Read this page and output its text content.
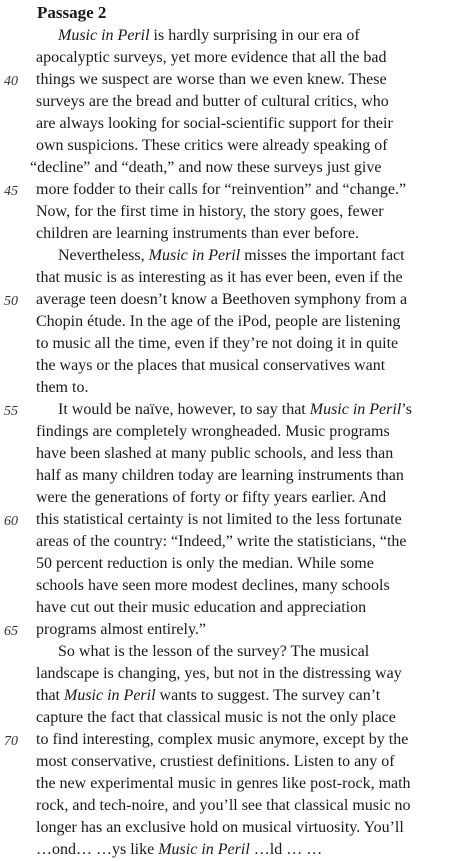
Passage 2
Music in Peril is hardly surprising in our era of
apocalyptic surveys, yet more evidence that all the bad
things we suspect are worse than we even knew. These
surveys are the bread and butter of cultural critics, who
are always looking for social-scientific support for their
own suspicions. These critics were already speaking of
“decline” and “death,” and now these surveys just give
more fodder to their calls for “reinvention” and “change.”
Now, for the first time in history, the story goes, fewer
children are learning instruments than ever before.
Nevertheless, Music in Peril misses the important fact
that music is as interesting as it has ever been, even if the
average teen doesn’t know a Beethoven symphony from a
Chopin étude. In the age of the iPod, people are listening
to music all the time, even if they’re not doing it in quite
the ways or the places that musical conservatives want
them to.
It would be naïve, however, to say that Music in Peril’s
findings are completely wrongheaded. Music programs
have been slashed at many public schools, and less than
half as many children today are learning instruments than
were the generations of forty or fifty years earlier. And
this statistical certainty is not limited to the less fortunate
areas of the country: “Indeed,” write the statisticians, “the
50 percent reduction is only the median. While some
schools have seen more modest declines, many schools
have cut out their music education and appreciation
programs almost entirely.”
So what is the lesson of the survey? The musical
landscape is changing, yes, but not in the distressing way
that Music in Peril wants to suggest. The survey can’t
capture the fact that classical music is not the only place
to find interesting, complex music anymore, except by the
most conservative, crustiest definitions. Listen to any of
the new experimental music in genres like post-rock, math
rock, and tech-noire, and you’ll see that classical music no
longer has an exclusive hold on musical virtuosity. You’ll
…ond… …ys like Music in Peril …ld … …
40
45
50
55
60
65
70
